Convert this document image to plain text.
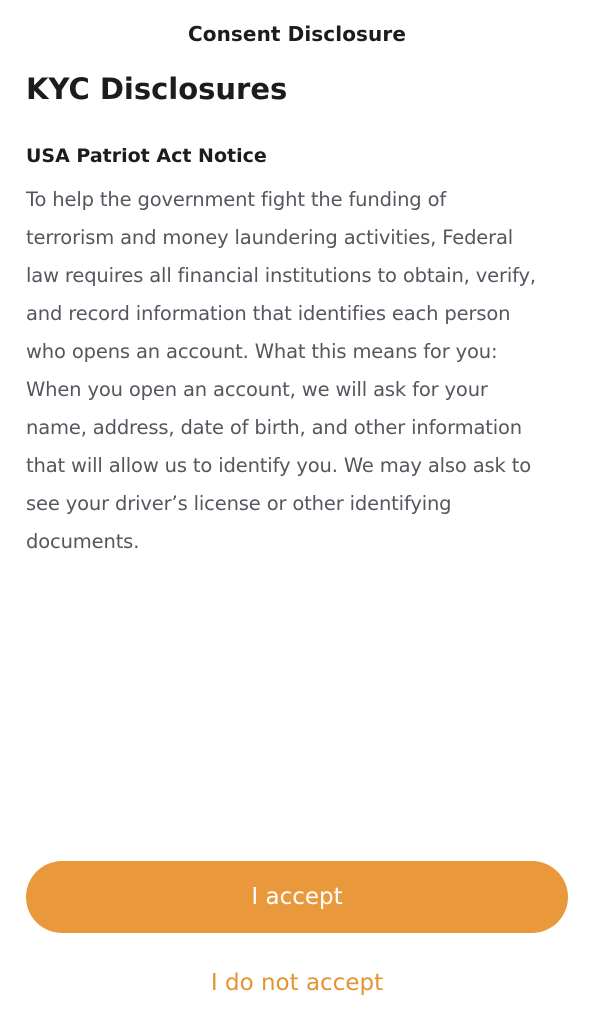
Consent Disclosure
KYC Disclosures
USA Patriot Act Notice

To help the government fight the funding of
terrorism and money laundering activities, Federal
law requires all financial institutions to obtain, verify,
and record information that identifies each person
who opens an account. What this means for you:
When you open an account, we will ask for your
name, address, date of birth, and other information
that will allow us to identify you. We may also ask to
see your driver’s license or other identifying
documents.

I accept
I do not accept
